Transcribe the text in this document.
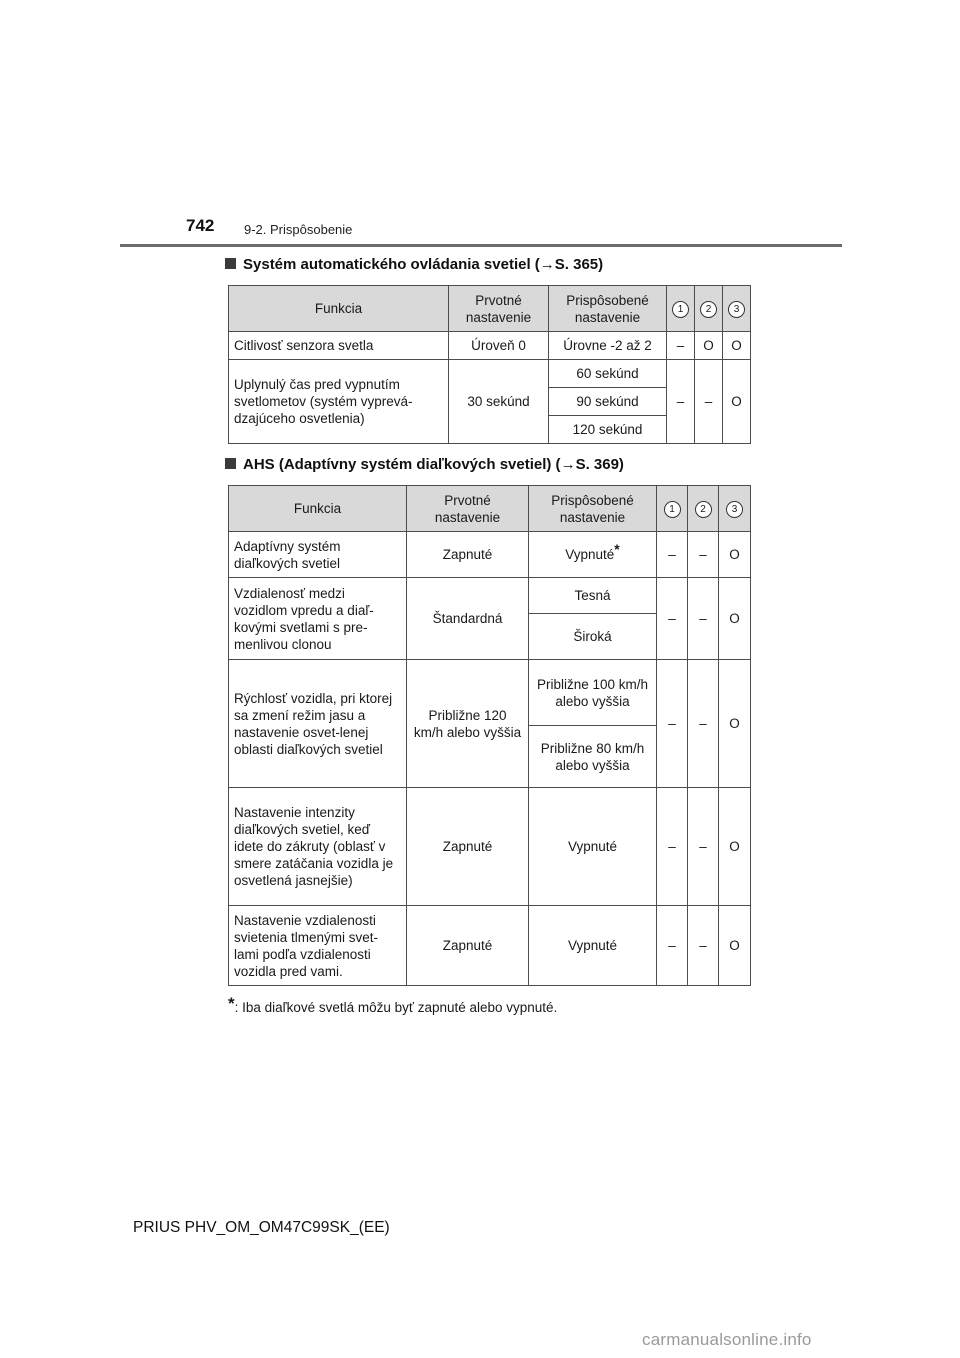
742 9-2. Prispôsobenie
Systém automatického ovládania svetiel (→S. 365)
Funkcia	Prvotné nastavenie	Prispôsobené nastavenie	1	2	3
Citlivosť senzora svetla	Úroveň 0	Úrovne -2 až 2	–	O	O
Uplynulý čas pred vypnutím svetlometov (systém vyprevá-dzajúceho osvetlenia)	30 sekúnd	60 sekúnd	–	–	O
		90 sekúnd			
		120 sekúnd			
AHS (Adaptívny systém diaľkových svetiel) (→S. 369)
Funkcia	Prvotné nastavenie	Prispôsobené nastavenie	1	2	3
Adaptívny systém diaľkových svetiel	Zapnuté	Vypnuté*	–	–	O
Vzdialenosť medzi vozidlom vpredu a diaľ-kovými svetlami s pre-menlivou clonou	Štandardná	Tesná	–	–	O
		Široká			
Rýchlosť vozidla, pri ktorej sa zmení režim jasu a nastavenie osvet-lenej oblasti diaľkových svetiel	Približne 120 km/h alebo vyššia	Približne 100 km/h alebo vyššia	–	–	O
		Približne 80 km/h alebo vyššia			
Nastavenie intenzity diaľkových svetiel, keď idete do zákruty (oblasť v smere zatáčania vozidla je osvetlená jasnejšie)	Zapnuté	Vypnuté	–	–	O
Nastavenie vzdialenosti svietenia tlmenými svet-lami podľa vzdialenosti vozidla pred vami.	Zapnuté	Vypnuté	–	–	O
*: Iba diaľkové svetlá môžu byť zapnuté alebo vypnuté.
PRIUS PHV_OM_OM47C99SK_(EE)
carmanualsonline.info
